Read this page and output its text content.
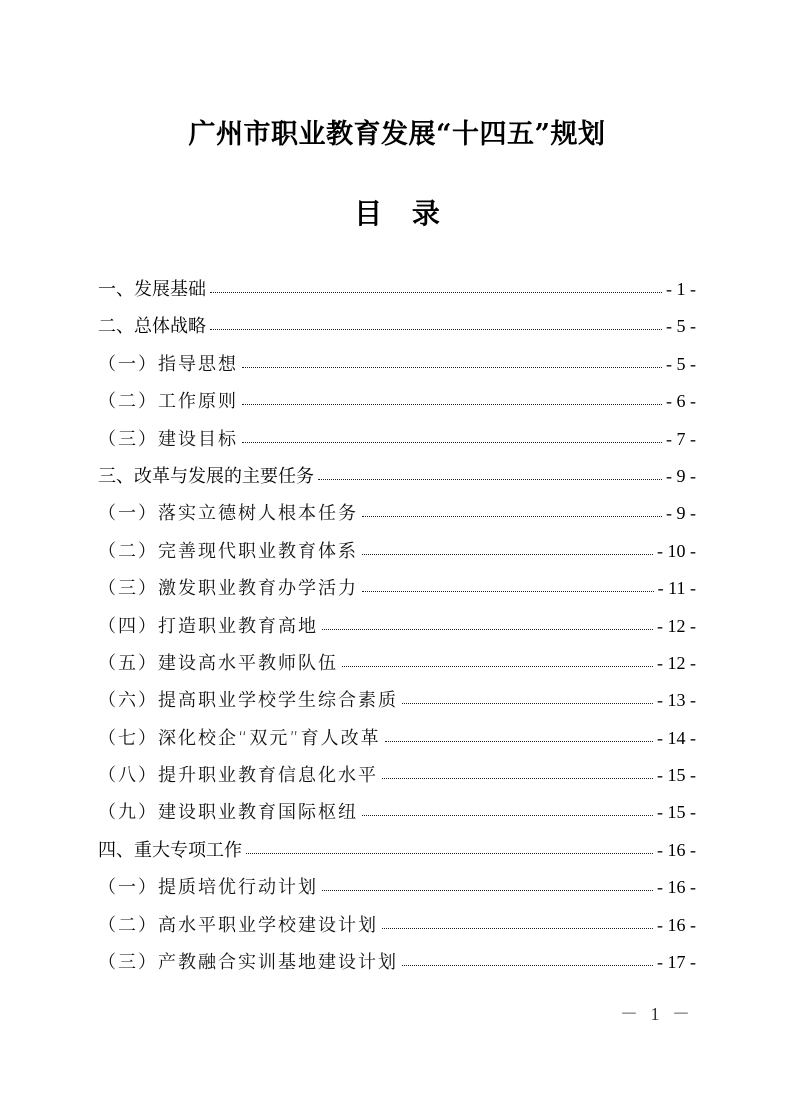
广州市职业教育发展“十四五”规划
目 录
一、发展基础	- 1 -
二、总体战略	- 5 -
（一）指导思想	- 5 -
（二）工作原则	- 6 -
（三）建设目标	- 7 -
三、改革与发展的主要任务	- 9 -
（一）落实立德树人根本任务	- 9 -
（二）完善现代职业教育体系	- 10 -
（三）激发职业教育办学活力	- 11 -
（四）打造职业教育高地	- 12 -
（五）建设高水平教师队伍	- 12 -
（六）提高职业学校学生综合素质	- 13 -
（七）深化校企“双元”育人改革	- 14 -
（八）提升职业教育信息化水平	- 15 -
（九）建设职业教育国际枢纽	- 15 -
四、重大专项工作	- 16 -
（一）提质培优行动计划	- 16 -
（二）高水平职业学校建设计划	- 16 -
（三）产教融合实训基地建设计划	- 17 -
－ 1 －
